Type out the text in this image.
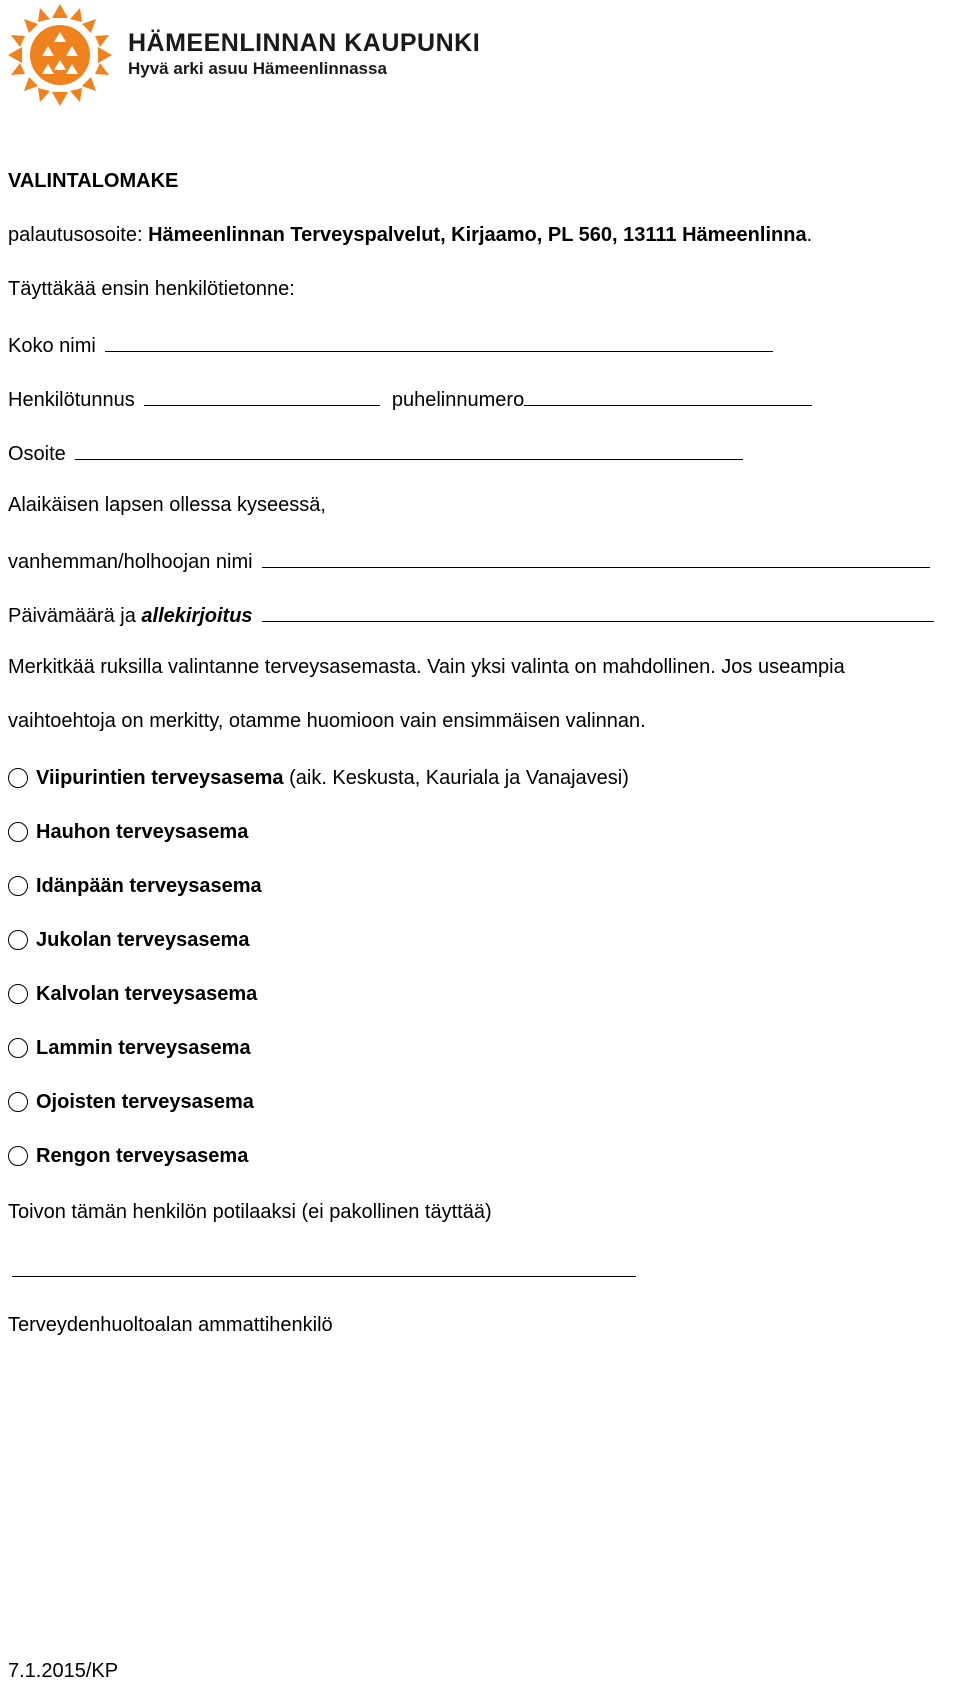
HÄMEENLINNAN KAUPUNKI
Hyvä arki asuu Hämeenlinnassa
VALINTALOMAKE
palautusosoite: Hämeenlinnan Terveyspalvelut, Kirjaamo, PL 560, 13111 Hämeenlinna.
Täyttäkää ensin henkilötietonne:
Koko nimi
Henkilötunnus	puhelinnumero
Osoite
Alaikäisen lapsen ollessa kyseessä,
vanhemman/holhoojan nimi
Päivämäärä ja allekirjoitus
Merkitkää ruksilla valintanne terveysasemasta. Vain yksi valinta on mahdollinen. Jos useampia
vaihtoehtoja on merkitty, otamme huomioon vain ensimmäisen valinnan.
Viipurintien terveysasema (aik. Keskusta, Kauriala ja Vanajavesi)
Hauhon terveysasema
Idänpään terveysasema
Jukolan terveysasema
Kalvolan terveysasema
Lammin terveysasema
Ojoisten terveysasema
Rengon terveysasema
Toivon tämän henkilön potilaaksi (ei pakollinen täyttää)
Terveydenhuoltoalan ammattihenkilö
7.1.2015/KP
